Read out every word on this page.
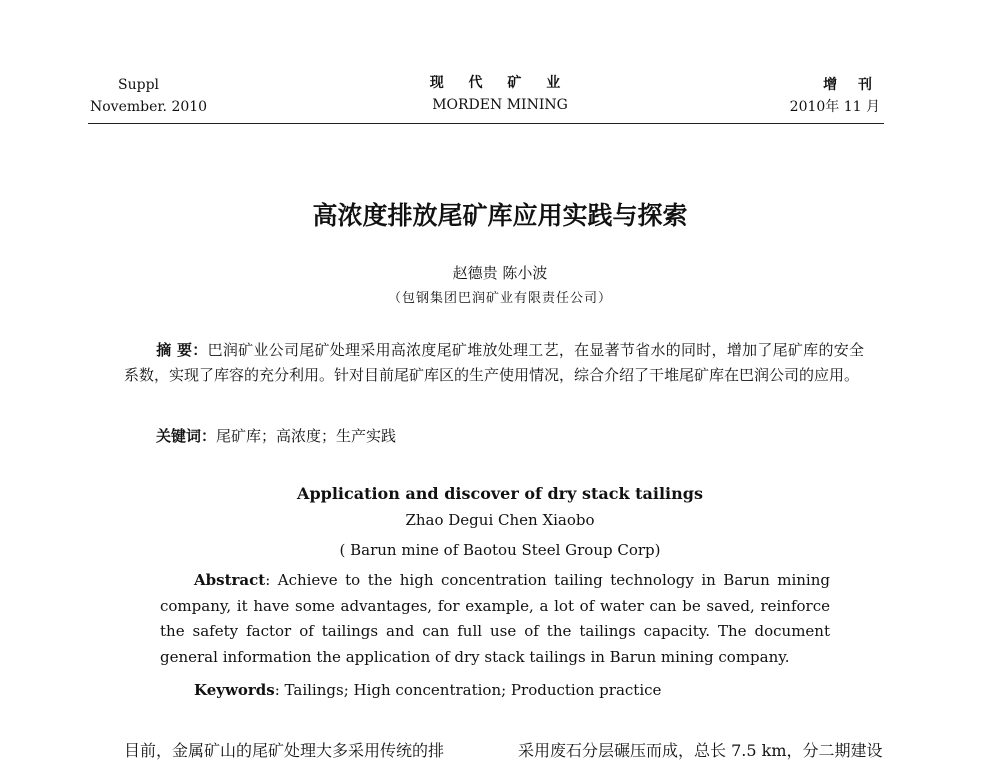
Suppl
November. 2010
现 代 矿 业
MORDEN MINING
增 刊
2010年 11 月
高浓度排放尾矿库应用实践与探索
赵德贵 陈小波
（包钢集团巴润矿业有限责任公司）
摘 要：巴润矿业公司尾矿处理采用高浓度尾矿堆放处理工艺，在显著节省水的同时，增加了尾矿库的安全系数，实现了库容的充分利用。针对目前尾矿库区的生产使用情况，综合介绍了干堆尾矿库在巴润公司的应用。
关键词：尾矿库；高浓度；生产实践
Application and discover of dry stack tailings
Zhao Degui Chen Xiaobo
( Barun mine of Baotou Steel Group Corp)
Abstract: Achieve to the high concentration tailing technology in Barun mining company, it have some advantages, for example, a lot of water can be saved, reinforce the safety factor of tailings and can full use of the tailings capacity. The document general information the application of dry stack tailings in Barun mining company.
Keywords: Tailings; High concentration; Production practice
目前，金属矿山的尾矿处理大多采用传统的排	采用废石分层碾压而成，总长 7.5 km，分二期建设
